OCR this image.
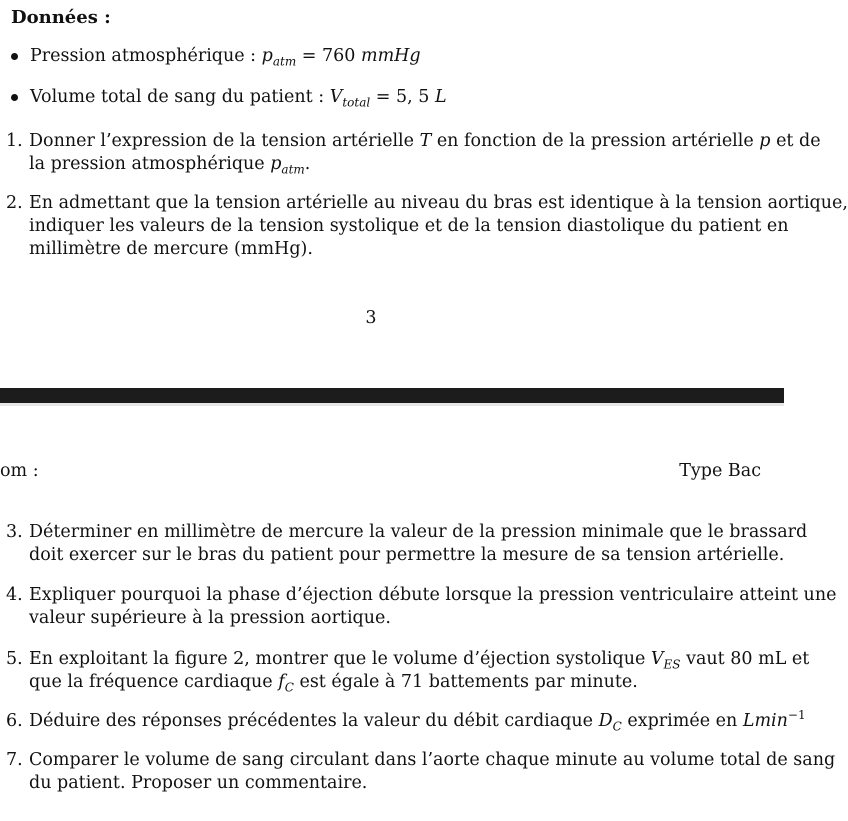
Données :
Pression atmosphérique : $p_{atm} = 760$ mmHg
Volume total de sang du patient : $V_{total} = 5$, 5 L
1. Donner l’expression de la tension artérielle T en fonction de la pression artérielle p et de
la pression atmosphérique $p_{atm}$.
2. En admettant que la tension artérielle au niveau du bras est identique à la tension aortique,
indiquer les valeurs de la tension systolique et de la tension diastolique du patient en
millimètre de mercure (mmHg).
3
om :	Type Bac
3. Déterminer en millimètre de mercure la valeur de la pression minimale que le brassard
doit exercer sur le bras du patient pour permettre la mesure de sa tension artérielle.
4. Expliquer pourquoi la phase d’éjection débute lorsque la pression ventriculaire atteint une
valeur supérieure à la pression aortique.
5. En exploitant la figure 2, montrer que le volume d’éjection systolique $V_{ES}$ vaut 80 mL et
que la fréquence cardiaque $f_C$ est égale à 71 battements par minute.
6. Déduire des réponses précédentes la valeur du débit cardiaque $D_C$ exprimée en Lmin$^{-1}$
7. Comparer le volume de sang circulant dans l’aorte chaque minute au volume total de sang
du patient. Proposer un commentaire.
